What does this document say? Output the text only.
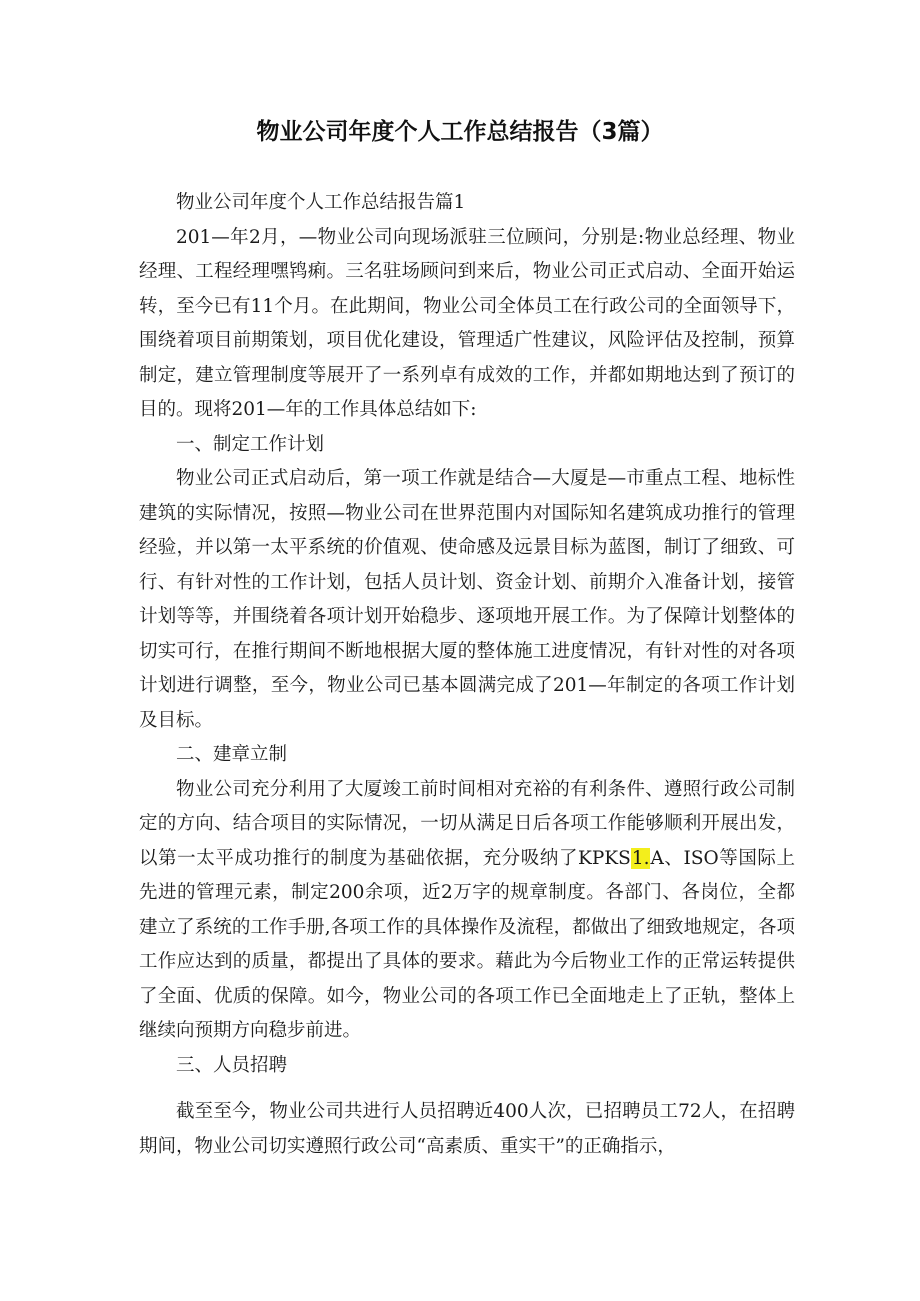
物业公司年度个人工作总结报告（3篇）

物业公司年度个人工作总结报告篇1

201—年2月，—物业公司向现场派驻三位顾问，分别是:物业总经理、物业经理、工程经理嘿鸨痢。三名驻场顾问到来后，物业公司正式启动、全面开始运转，至今已有11个月。在此期间，物业公司全体员工在行政公司的全面领导下，围绕着项目前期策划，项目优化建设，管理适广性建议，风险评估及控制，预算制定，建立管理制度等展开了一系列卓有成效的工作，并都如期地达到了预订的目的。现将201—年的工作具体总结如下:

一、制定工作计划

物业公司正式启动后，第一项工作就是结合—大厦是—市重点工程、地标性建筑的实际情况，按照—物业公司在世界范围内对国际知名建筑成功推行的管理经验，并以第一太平系统的价值观、使命感及远景目标为蓝图，制订了细致、可行、有针对性的工作计划，包括人员计划、资金计划、前期介入准备计划，接管计划等等，并围绕着各项计划开始稳步、逐项地开展工作。为了保障计划整体的切实可行，在推行期间不断地根据大厦的整体施工进度情况，有针对性的对各项计划进行调整，至今，物业公司已基本圆满完成了201—年制定的各项工作计划及目标。

二、建章立制

物业公司充分利用了大厦竣工前时间相对充裕的有利条件、遵照行政公司制定的方向、结合项目的实际情况，一切从满足日后各项工作能够顺利开展出发，以第一太平成功推行的制度为基础依据，充分吸纳了KPKS1.A、ISO等国际上先进的管理元素，制定200余项，近2万字的规章制度。各部门、各岗位，全都建立了系统的工作手册,各项工作的具体操作及流程，都做出了细致地规定，各项工作应达到的质量，都提出了具体的要求。藉此为今后物业工作的正常运转提供了全面、优质的保障。如今，物业公司的各项工作已全面地走上了正轨，整体上继续向预期方向稳步前进。

三、人员招聘

截至至今，物业公司共进行人员招聘近400人次，已招聘员工72人，在招聘期间，物业公司切实遵照行政公司“高素质、重实干”的正确指示，
